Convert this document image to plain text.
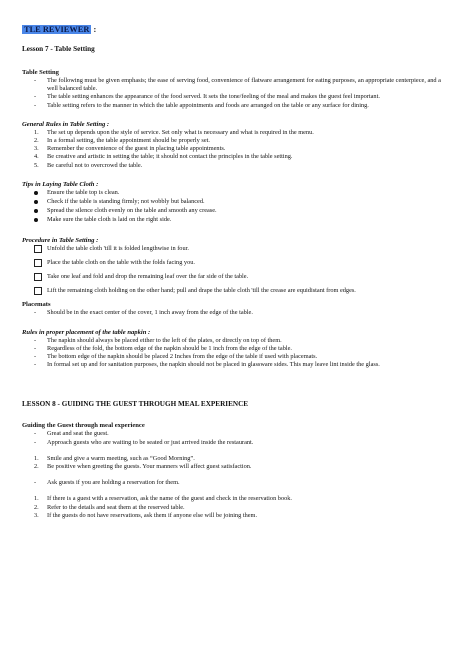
TLE REVIEWER :
Lesson 7 - Table Setting
Table Setting
-	The following must be given emphasis; the ease of serving food, convenience of flatware arrangement for eating purposes, an appropriate centerpiece, and a well balanced table.
-	The table setting enhances the appearance of the food served. It sets the tone/feeling of the meal and makes the guest feel important.
-	Table setting refers to the manner in which the table appointments and foods are arranged on the table or any surface for dining.
General Rules in Table Setting :
1.	The set up depends upon the style of service. Set only what is necessary and what is required in the menu.
2.	In a formal setting, the table appointment should be properly set.
3.	Remember the convenience of the guest in placing table appointments.
4.	Be creative and artistic in setting the table; it should not contact the principles in the table setting.
5.	Be careful not to overcrowd the table.
Tips in Laying Table Cloth :
Ensure the table top is clean.
Check if the table is standing firmly; not wobbly but balanced.
Spread the silence cloth evenly on the table and smooth any crease.
Make sure the table cloth is laid on the right side.
Procedure in Table Setting :
Unfold the table cloth 'till it is folded lengthwise in four.
Place the table cloth on the table with the folds facing you.
Take one leaf and fold and drop the remaining leaf over the far side of the table.
Lift the remaining cloth holding on the other hand; pull and drape the table cloth 'till the crease are equidistant from edges.
Placemats
-	Should be in the exact center of the cover, 1 inch away from the edge of the table.
Rules in proper placement of the table napkin :
-	The napkin should always be placed either to the left of the plates, or directly on top of them.
-	Regardless of the fold, the bottom edge of the napkin should be 1 inch from the edge of the table.
-	The bottom edge of the napkin should be placed 2 Inches from the edge of the table if used with placemats.
-	In formal set up and for sanitation purposes, the napkin should not be placed in glassware sides. This may leave lint inside the glass.
LESSON 8 - GUIDING THE GUEST THROUGH MEAL EXPERIENCE
Guiding the Guest through meal experience
-	Great and seat the guest.
-	Approach guests who are waiting to be seated or just arrived inside the restaurant.
1.	Smile and give a warm meeting, such as “Good Morning”.
2.	Be positive when greeting the guests. Your manners will affect guest satisfaction.
-	Ask guests if you are holding a reservation for them.
1.	If there is a guest with a reservation, ask the name of the guest and check in the reservation book.
2.	Refer to the details and seat them at the reserved table.
3.	If the guests do not have reservations, ask them if anyone else will be joining them.
